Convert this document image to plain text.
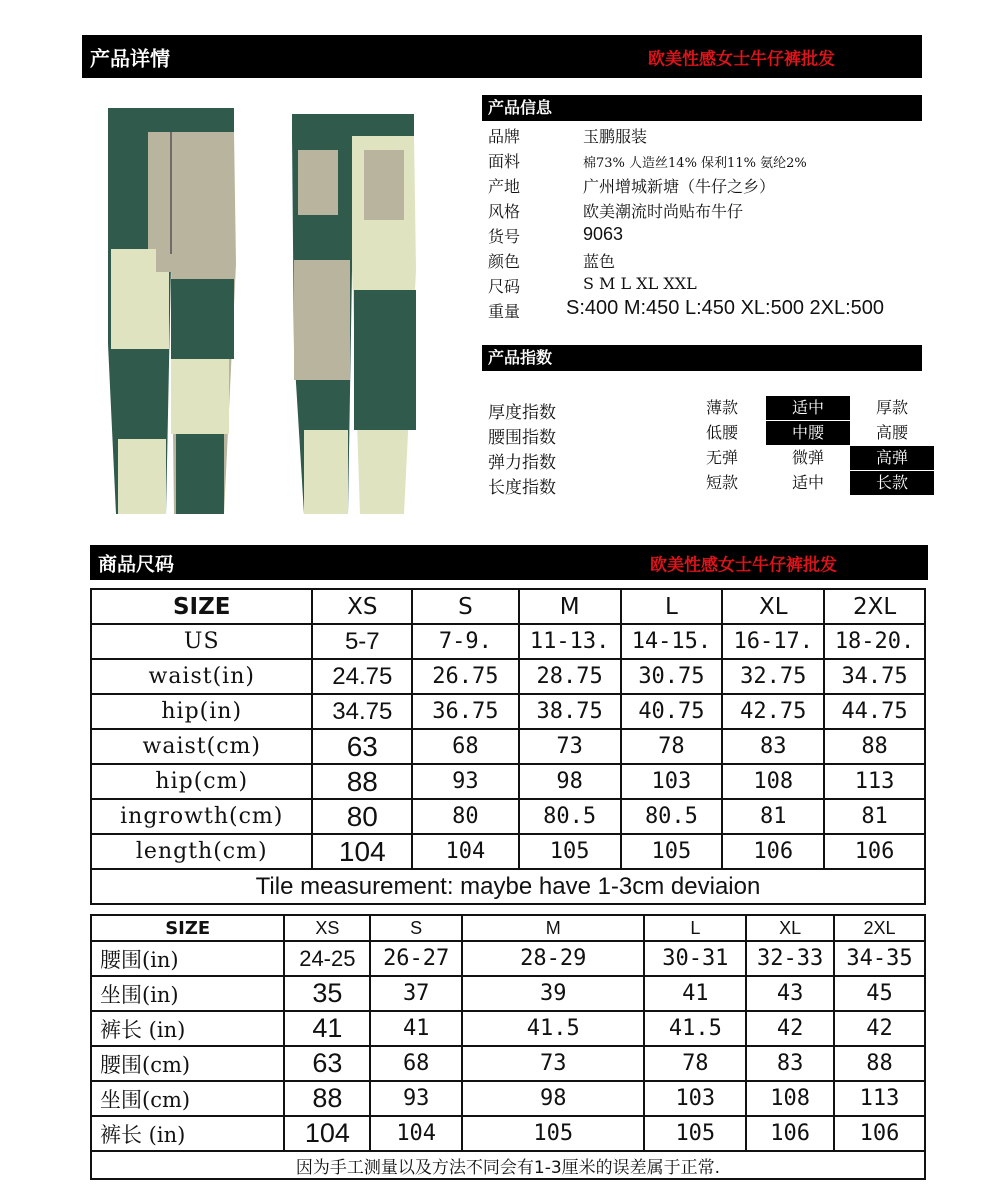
产品详情	欧美性感女士牛仔裤批发
产品信息
品牌	玉鹏服装
面料	棉73% 人造丝14% 保利11% 氨纶2%
产地	广州增城新塘（牛仔之乡）
风格	欧美潮流时尚贴布牛仔
货号	9063
颜色	蓝色
尺码	S M L XL XXL
重量	S:400 M:450 L:450 XL:500 2XL:500
产品指数
厚度指数	薄款	适中	厚款
腰围指数	低腰	中腰	高腰
弹力指数	无弹	微弹	高弹
长度指数	短款	适中	长款
商品尺码	欧美性感女士牛仔裤批发
SIZE	XS	S	M	L	XL	2XL
US	5-7	7-9.	11-13.	14-15.	16-17.	18-20.
waist(in)	24.75	26.75	28.75	30.75	32.75	34.75
hip(in)	34.75	36.75	38.75	40.75	42.75	44.75
waist(cm)	63	68	73	78	83	88
hip(cm)	88	93	98	103	108	113
ingrowth(cm)	80	80	80.5	80.5	81	81
length(cm)	104	104	105	105	106	106
Tile measurement: maybe have 1-3cm deviaion						
SIZE	XS	S	M	L	XL	2XL
腰围(in)	24-25	26-27	28-29	30-31	32-33	34-35
坐围(in)	35	37	39	41	43	45
裤长 (in)	41	41	41.5	41.5	42	42
腰围(cm)	63	68	73	78	83	88
坐围(cm)	88	93	98	103	108	113
裤长 (in)	104	104	105	105	106	106
因为手工测量以及方法不同会有1-3厘米的误差属于正常.						
